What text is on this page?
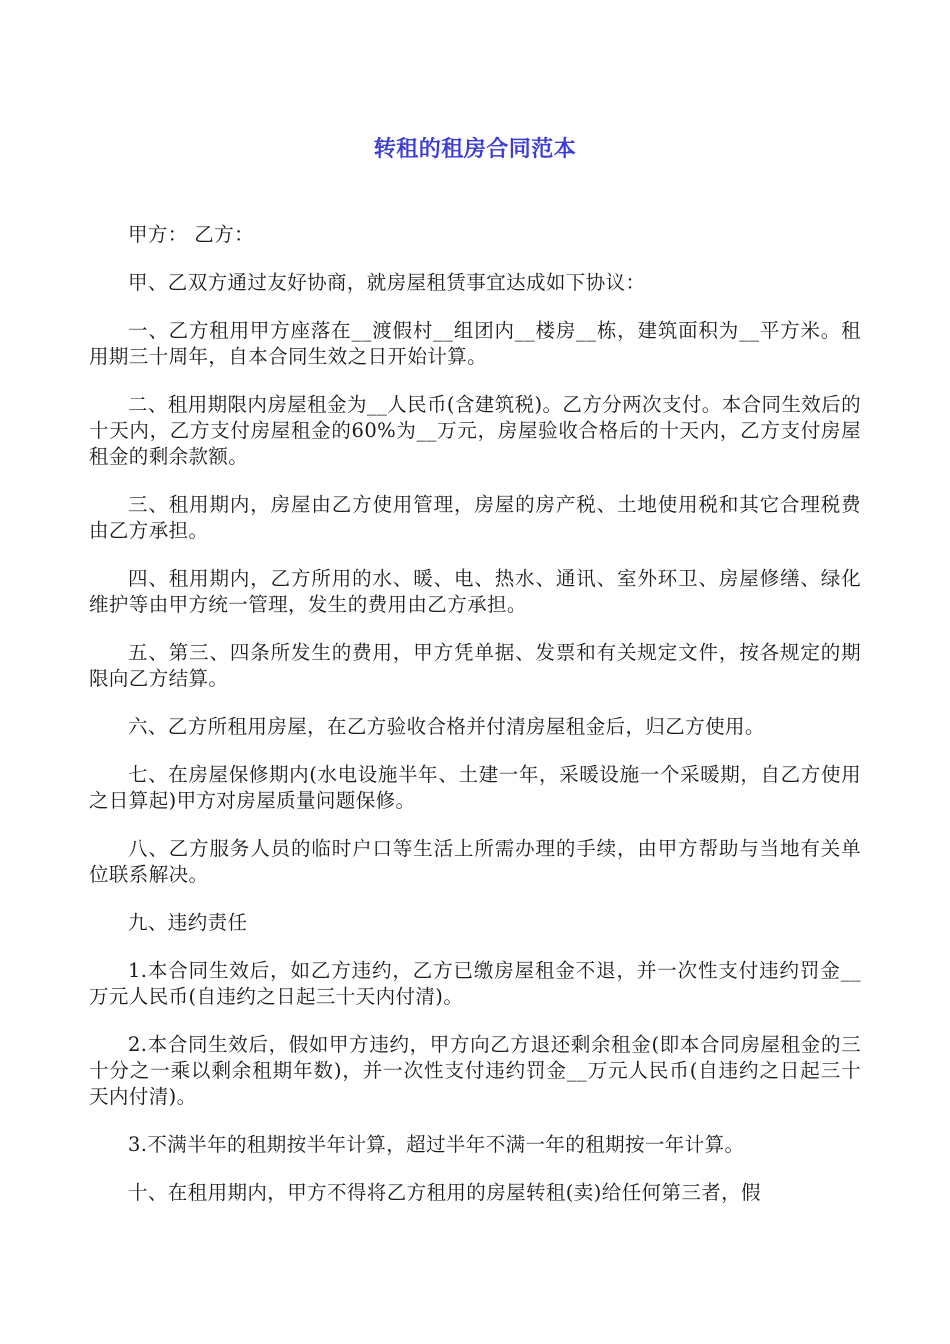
转租的租房合同范本

甲方： 乙方：

甲、乙双方通过友好协商，就房屋租赁事宜达成如下协议：

一、乙方租用甲方座落在__渡假村__组团内__楼房__栋，建筑面积为__平方米。租用期三十周年，自本合同生效之日开始计算。

二、租用期限内房屋租金为__人民币(含建筑税)。乙方分两次支付。本合同生效后的十天内，乙方支付房屋租金的60%为__万元，房屋验收合格后的十天内，乙方支付房屋租金的剩余款额。

三、租用期内，房屋由乙方使用管理，房屋的房产税、土地使用税和其它合理税费由乙方承担。

四、租用期内，乙方所用的水、暖、电、热水、通讯、室外环卫、房屋修缮、绿化维护等由甲方统一管理，发生的费用由乙方承担。

五、第三、四条所发生的费用，甲方凭单据、发票和有关规定文件，按各规定的期限向乙方结算。

六、乙方所租用房屋，在乙方验收合格并付清房屋租金后，归乙方使用。

七、在房屋保修期内(水电设施半年、土建一年，采暖设施一个采暖期，自乙方使用之日算起)甲方对房屋质量问题保修。

八、乙方服务人员的临时户口等生活上所需办理的手续，由甲方帮助与当地有关单位联系解决。

九、违约责任

1.本合同生效后，如乙方违约，乙方已缴房屋租金不退，并一次性支付违约罚金__万元人民币(自违约之日起三十天内付清)。

2.本合同生效后，假如甲方违约，甲方向乙方退还剩余租金(即本合同房屋租金的三十分之一乘以剩余租期年数)，并一次性支付违约罚金__万元人民币(自违约之日起三十天内付清)。

3.不满半年的租期按半年计算，超过半年不满一年的租期按一年计算。

十、在租用期内，甲方不得将乙方租用的房屋转租(卖)给任何第三者，假
